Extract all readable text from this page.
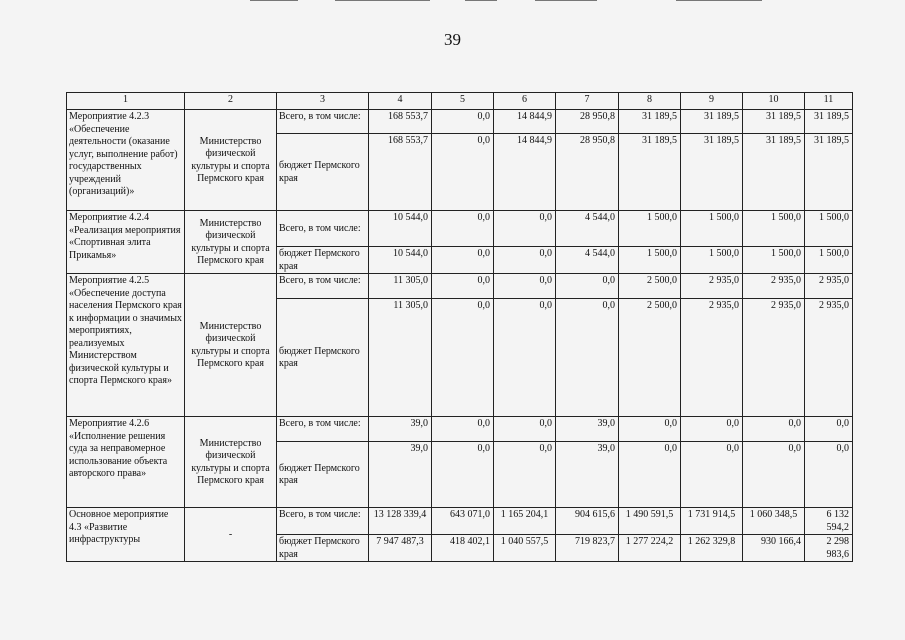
39
1	2	3	4	5	6	7	8	9	10	11
Мероприятие 4.2.3 «Обеспечение деятельности (оказание услуг, выполнение работ) государственных учреждений (организаций)»	Министерство физической культуры и спорта Пермского края	Всего, в том числе:	168 553,7	0,0	14 844,9	28 950,8	31 189,5	31 189,5	31 189,5	31 189,5
		бюджет Пермского края	168 553,7	0,0	14 844,9	28 950,8	31 189,5	31 189,5	31 189,5	31 189,5
Мероприятие 4.2.4 «Реализация мероприятия «Спортивная элита Прикамья»	Министерство физической культуры и спорта Пермского края	Всего, в том числе:	10 544,0	0,0	0,0	4 544,0	1 500,0	1 500,0	1 500,0	1 500,0
		бюджет Пермского края	10 544,0	0,0	0,0	4 544,0	1 500,0	1 500,0	1 500,0	1 500,0
Мероприятие 4.2.5 «Обеспечение доступа населения Пермского края к информации о значимых мероприятиях, реализуемых Министерством физической культуры и спорта Пермского края»	Министерство физической культуры и спорта Пермского края	Всего, в том числе:	11 305,0	0,0	0,0	0,0	2 500,0	2 935,0	2 935,0	2 935,0
		бюджет Пермского края	11 305,0	0,0	0,0	0,0	2 500,0	2 935,0	2 935,0	2 935,0
Мероприятие 4.2.6 «Исполнение решения суда за неправомерное использование объекта авторского права»	Министерство физической культуры и спорта Пермского края	Всего, в том числе:	39,0	0,0	0,0	39,0	0,0	0,0	0,0	0,0
		бюджет Пермского края	39,0	0,0	0,0	39,0	0,0	0,0	0,0	0,0
Основное мероприятие 4.3 «Развитие инфраструктуры	-	Всего, в том числе:	13 128 339,4	643 071,0	1 165 204,1	904 615,6	1 490 591,5	1 731 914,5	1 060 348,5	6 132 594,2
		бюджет Пермского края	7 947 487,3	418 402,1	1 040 557,5	719 823,7	1 277 224,2	1 262 329,8	930 166,4	2 298 983,6
